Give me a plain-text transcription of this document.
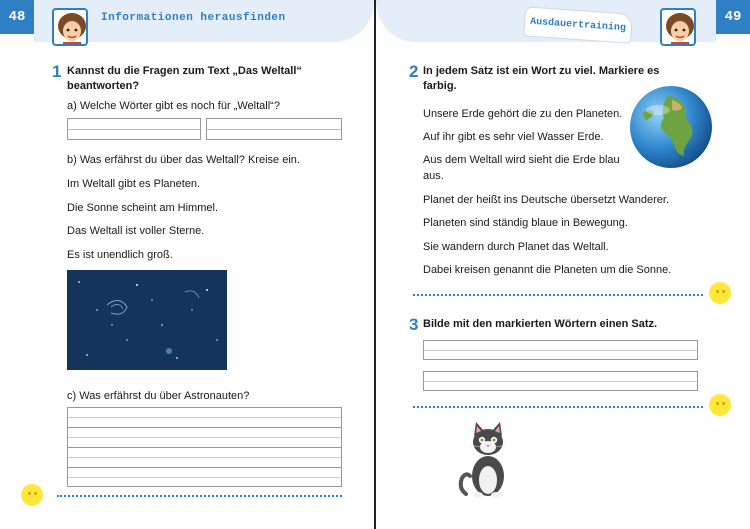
48	Informationen herausfinden
1 Kannst du die Fragen zum Text „Das Weltall“
beantworten?
a) Welche Wörter gibt es noch für „Weltall“?
b) Was erfährst du über das Weltall? Kreise ein.
Im Weltall gibt es Planeten.
Die Sonne scheint am Himmel.
Das Weltall ist voller Sterne.
Es ist unendlich groß.
c) Was erfährst du über Astronauten?
Ausdauertraining	49
2 In jedem Satz ist ein Wort zu viel. Markiere es
farbig.
Unsere Erde gehört die zu den Planeten.
Auf ihr gibt es sehr viel Wasser Erde.
Aus dem Weltall wird sieht die Erde blau
aus.
Planet der heißt ins Deutsche übersetzt Wanderer.
Planeten sind ständig blaue in Bewegung.
Sie wandern durch Planet das Weltall.
Dabei kreisen genannt die Planeten um die Sonne.
3 Bilde mit den markierten Wörtern einen Satz.
